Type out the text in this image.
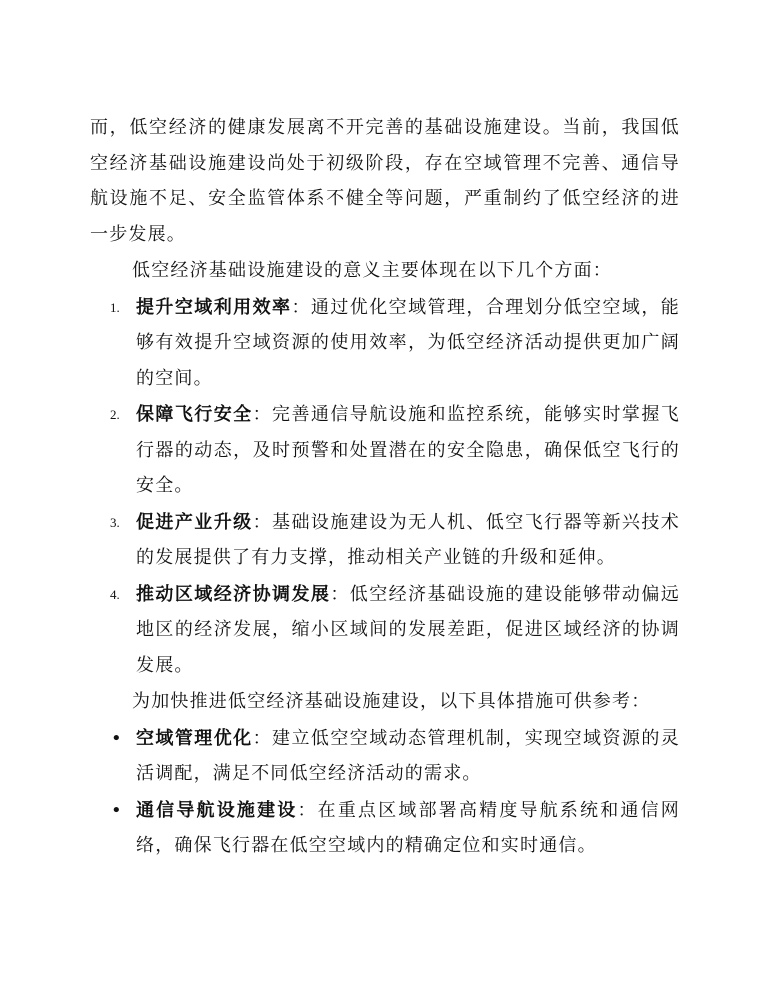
而，低空经济的健康发展离不开完善的基础设施建设。当前，我国低空经济基础设施建设尚处于初级阶段，存在空域管理不完善、通信导航设施不足、安全监管体系不健全等问题，严重制约了低空经济的进一步发展。

低空经济基础设施建设的意义主要体现在以下几个方面：

1. 提升空域利用效率：通过优化空域管理，合理划分低空空域，能够有效提升空域资源的使用效率，为低空经济活动提供更加广阔的空间。
2. 保障飞行安全：完善通信导航设施和监控系统，能够实时掌握飞行器的动态，及时预警和处置潜在的安全隐患，确保低空飞行的安全。
3. 促进产业升级：基础设施建设为无人机、低空飞行器等新兴技术的发展提供了有力支撑，推动相关产业链的升级和延伸。
4. 推动区域经济协调发展：低空经济基础设施的建设能够带动偏远地区的经济发展，缩小区域间的发展差距，促进区域经济的协调发展。

为加快推进低空经济基础设施建设，以下具体措施可供参考：

• 空域管理优化：建立低空空域动态管理机制，实现空域资源的灵活调配，满足不同低空经济活动的需求。
• 通信导航设施建设：在重点区域部署高精度导航系统和通信网络，确保飞行器在低空空域内的精确定位和实时通信。
